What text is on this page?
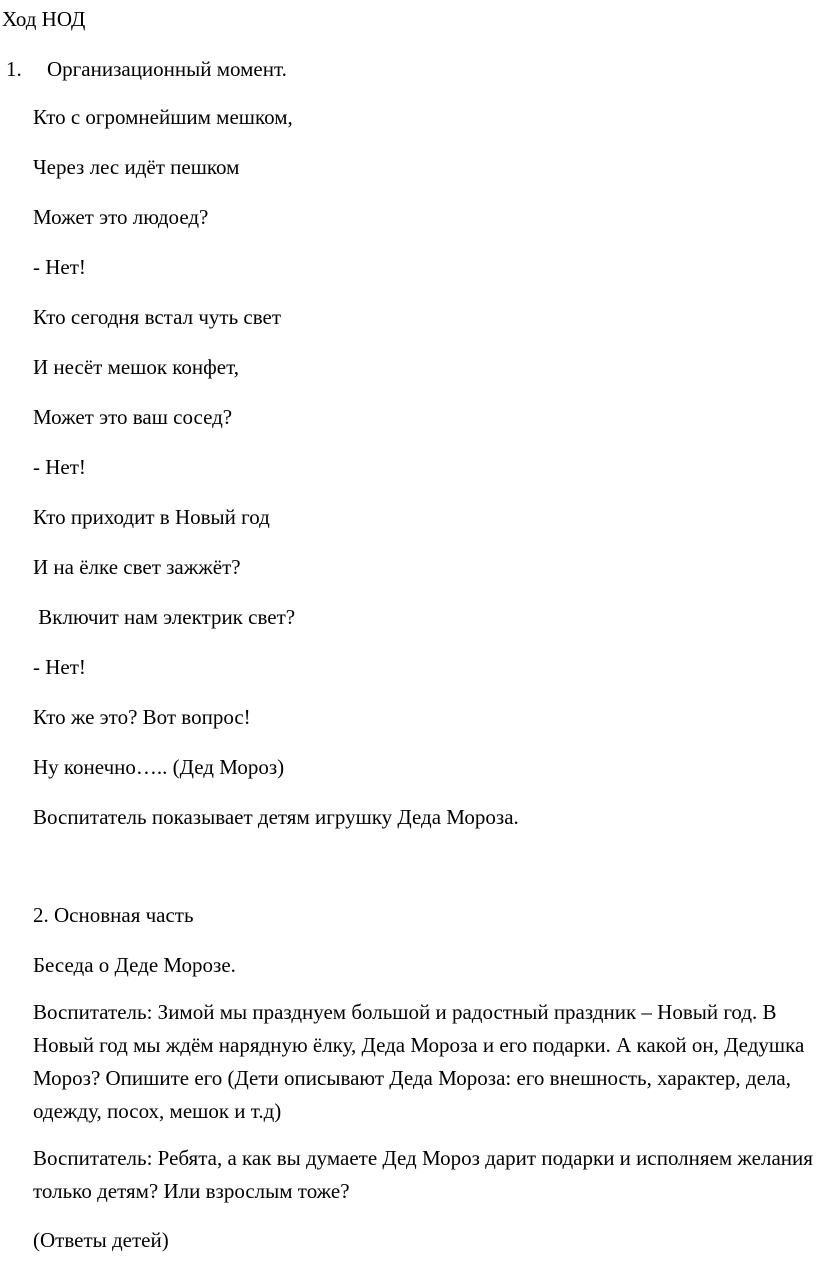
Ход НОД
1. Организационный момент.
Кто с огромнейшим мешком,
Через лес идёт пешком
Может это людоед?
- Нет!
Кто сегодня встал чуть свет
И несёт мешок конфет,
Может это ваш сосед?
- Нет!
Кто приходит в Новый год
И на ёлке свет зажжёт?
Включит нам электрик свет?
- Нет!
Кто же это? Вот вопрос!
Ну конечно….. (Дед Мороз)
Воспитатель показывает детям игрушку Деда Мороза.
2. Основная часть
Беседа о Деде Морозе.
Воспитатель: Зимой мы празднуем большой и радостный праздник – Новый год. В Новый год мы ждём нарядную ёлку, Деда Мороза и его подарки. А какой он, Дедушка Мороз? Опишите его (Дети описывают Деда Мороза: его внешность, характер, дела, одежду, посох, мешок и т.д)
Воспитатель: Ребята, а как вы думаете Дед Мороз дарит подарки и исполняем желания только детям? Или взрослым тоже?
(Ответы детей)
